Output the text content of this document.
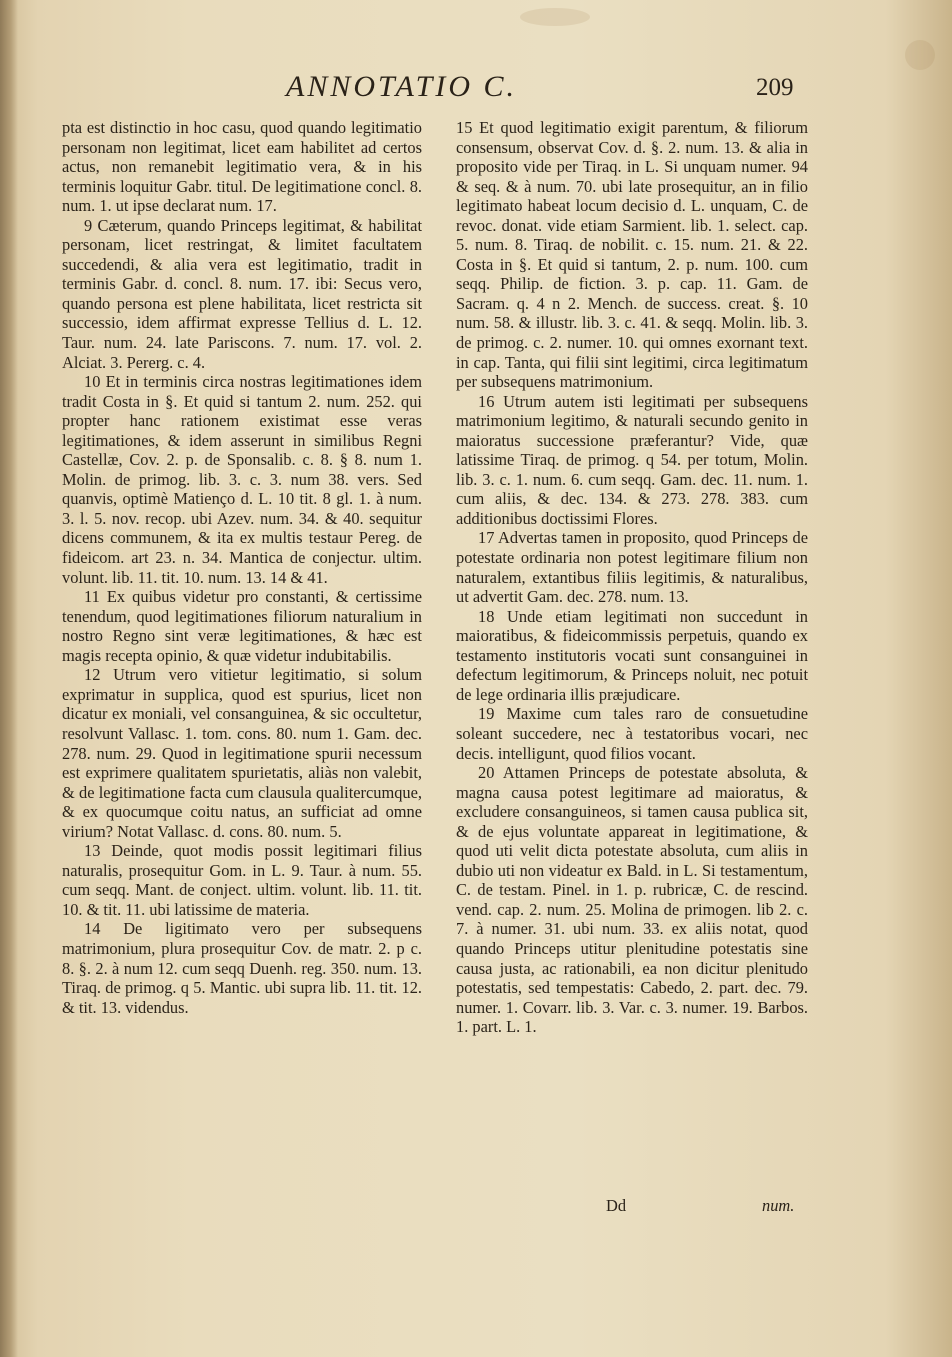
ANNOTATIO C.	209

pta est distinctio in hoc casu, quod quando legitimatio personam non legitimat, licet eam habilitet ad certos actus, non remanebit legitimatio vera, & in his terminis loquitur Gabr. titul. De legitimatione concl. 8. num. 1. ut ipse declarat num. 17.

9 Cæterum, quando Princeps legitimat, & habilitat personam, licet restringat, & limitet facultatem succedendi, & alia vera est legitimatio, tradit in terminis Gabr. d. concl. 8. num. 17. ibi: Secus vero, quando persona est plene habilitata, licet restricta sit successio, idem affirmat expresse Tellius d. L. 12. Taur. num. 24. late Pariscons. 7. num. 17. vol. 2. Alciat. 3. Pererg. c. 4.

10 Et in terminis circa nostras legitimationes idem tradit Costa in §. Et quid si tantum 2. num. 252. qui propter hanc rationem existimat esse veras legitimationes, & idem asserunt in similibus Regni Castellæ, Cov. 2. p. de Sponsalib. c. 8. § 8. num 1. Molin. de primog. lib. 3. c. 3. num 38. vers. Sed quanvis, optimè Matienço d. L. 10 tit. 8 gl. 1. à num. 3. l. 5. nov. recop. ubi Azev. num. 34. & 40. sequitur dicens communem, & ita ex multis testaur Pereg. de fideicom. art 23. n. 34. Mantica de conjectur. ultim. volunt. lib. 11. tit. 10. num. 13. 14 & 41.

11 Ex quibus videtur pro constanti, & certissime tenendum, quod legitimationes filiorum naturalium in nostro Regno sint veræ legitimationes, & hæc est magis recepta opinio, & quæ videtur indubitabilis.

12 Utrum vero vitietur legitimatio, si solum exprimatur in supplica, quod est spurius, licet non dicatur ex moniali, vel consanguinea, & sic occultetur, resolvunt Vallasc. 1. tom. cons. 80. num 1. Gam. dec. 278. num. 29. Quod in legitimatione spurii necessum est exprimere qualitatem spurietatis, aliàs non valebit, & de legitimatione facta cum clausula qualitercumque, & ex quocumque coitu natus, an sufficiat ad omne virium? Notat Vallasc. d. cons. 80. num. 5.

13 Deinde, quot modis possit legitimari filius naturalis, prosequitur Gom. in L. 9. Taur. à num. 55. cum seqq. Mant. de conject. ultim. volunt. lib. 11. tit. 10. & tit. 11. ubi latissime de materia.

14 De ligitimato vero per subsequens matrimonium, plura prosequitur Cov. de matr. 2. p c. 8. §. 2. à num 12. cum seqq Duenh. reg. 350. num. 13. Tiraq. de primog. q 5. Mantic. ubi supra lib. 11. tit. 12. & tit. 13. videndus.

15 Et quod legitimatio exigit parentum, & filiorum consensum, observat Cov. d. §. 2. num. 13. & alia in proposito vide per Tiraq. in L. Si unquam numer. 94 & seq. & à num. 70. ubi late prosequitur, an in filio legitimato habeat locum decisio d. L. unquam, C. de revoc. donat. vide etiam Sarmient. lib. 1. select. cap. 5. num. 8. Tiraq. de nobilit. c. 15. num. 21. & 22. Costa in §. Et quid si tantum, 2. p. num. 100. cum seqq. Philip. de fiction. 3. p. cap. 11. Gam. de Sacram. q. 4 n 2. Mench. de success. creat. §. 10 num. 58. & illustr. lib. 3. c. 41. & seqq. Molin. lib. 3. de primog. c. 2. numer. 10. qui omnes exornant text. in cap. Tanta, qui filii sint legitimi, circa legitimatum per subsequens matrimonium.

16 Utrum autem isti legitimati per subsequens matrimonium legitimo, & naturali secundo genito in maioratus successione præferantur? Vide, quæ latissime Tiraq. de primog. q 54. per totum, Molin. lib. 3. c. 1. num. 6. cum seqq. Gam. dec. 11. num. 1. cum aliis, & dec. 134. & 273. 278. 383. cum additionibus doctissimi Flores.

17 Advertas tamen in proposito, quod Princeps de potestate ordinaria non potest legitimare filium non naturalem, extantibus filiis legitimis, & naturalibus, ut advertit Gam. dec. 278. num. 13.

18 Unde etiam legitimati non succedunt in maioratibus, & fideicommissis perpetuis, quando ex testamento institutoris vocati sunt consanguinei in defectum legitimorum, & Princeps noluit, nec potuit de lege ordinaria illis præjudicare.

19 Maxime cum tales raro de consuetudine soleant succedere, nec à testatoribus vocari, nec decis. intelligunt, quod filios vocant.

20 Attamen Princeps de potestate absoluta, & magna causa potest legitimare ad maioratus, & excludere consanguineos, si tamen causa publica sit, & de ejus voluntate appareat in legitimatione, & quod uti velit dicta potestate absoluta, cum aliis in dubio uti non videatur ex Bald. in L. Si testamentum, C. de testam. Pinel. in 1. p. rubricæ, C. de rescind. vend. cap. 2. num. 25. Molina de primogen. lib 2. c. 7. à numer. 31. ubi num. 33. ex aliis notat, quod quando Princeps utitur plenitudine potestatis sine causa justa, ac rationabili, ea non dicitur plenitudo potestatis, sed tempestatis: Cabedo, 2. part. dec. 79. numer. 1. Covarr. lib. 3. Var. c. 3. numer. 19. Barbos. 1. part. L. 1.

Dd	num.
